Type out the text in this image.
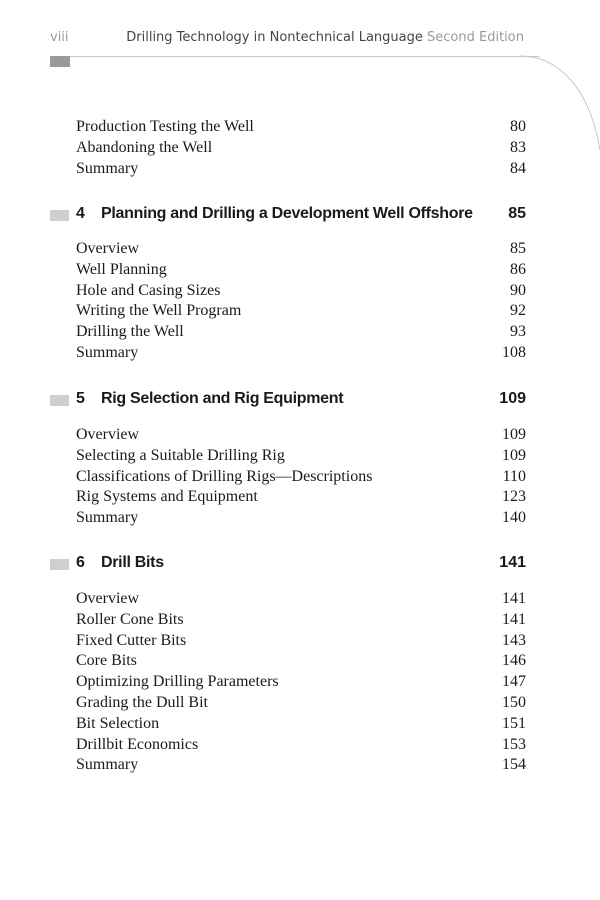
viii	Drilling Technology in Nontechnical Language Second Edition
Production Testing the Well	80
Abandoning the Well	83
Summary	84
4 Planning and Drilling a Development Well Offshore 85
Overview	85
Well Planning	86
Hole and Casing Sizes	90
Writing the Well Program	92
Drilling the Well	93
Summary	108
5 Rig Selection and Rig Equipment	109
Overview	109
Selecting a Suitable Drilling Rig	109
Classifications of Drilling Rigs—Descriptions	110
Rig Systems and Equipment	123
Summary	140
6 Drill Bits	141
Overview	141
Roller Cone Bits	141
Fixed Cutter Bits	143
Core Bits	146
Optimizing Drilling Parameters	147
Grading the Dull Bit	150
Bit Selection	151
Drillbit Economics	153
Summary	154
